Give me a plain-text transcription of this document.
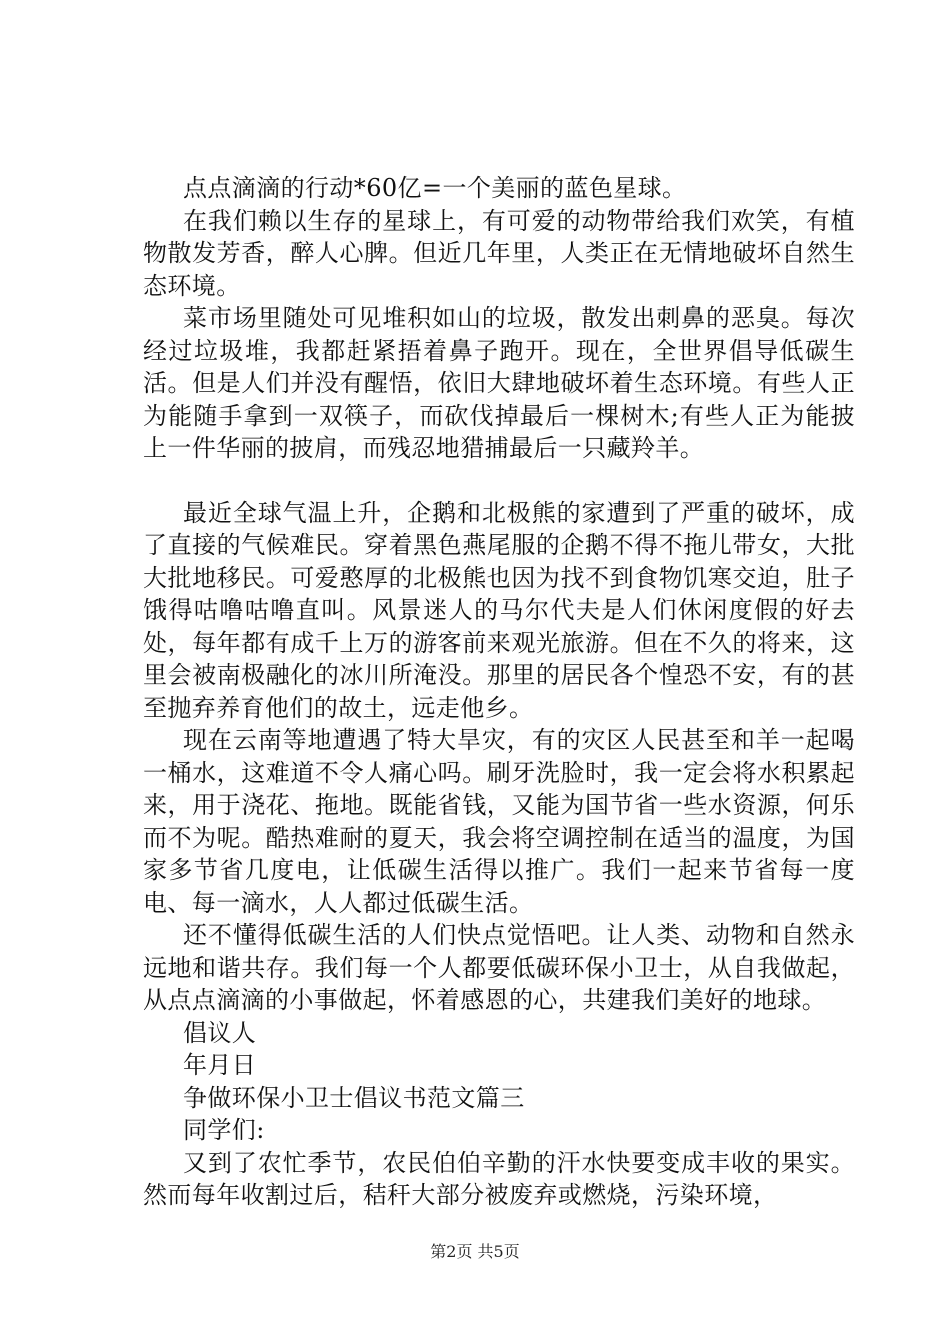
点点滴滴的行动*60亿=一个美丽的蓝色星球。

在我们赖以生存的星球上，有可爱的动物带给我们欢笑，有植物散发芳香，醉人心脾。但近几年里，人类正在无情地破坏自然生态环境。

菜市场里随处可见堆积如山的垃圾，散发出刺鼻的恶臭。每次经过垃圾堆，我都赶紧捂着鼻子跑开。现在，全世界倡导低碳生活。但是人们并没有醒悟，依旧大肆地破坏着生态环境。有些人正为能随手拿到一双筷子，而砍伐掉最后一棵树木;有些人正为能披上一件华丽的披肩，而残忍地猎捕最后一只藏羚羊。

最近全球气温上升，企鹅和北极熊的家遭到了严重的破坏，成了直接的气候难民。穿着黑色燕尾服的企鹅不得不拖儿带女，大批大批地移民。可爱憨厚的北极熊也因为找不到食物饥寒交迫，肚子饿得咕噜咕噜直叫。风景迷人的马尔代夫是人们休闲度假的好去处，每年都有成千上万的游客前来观光旅游。但在不久的将来，这里会被南极融化的冰川所淹没。那里的居民各个惶恐不安，有的甚至抛弃养育他们的故土，远走他乡。

现在云南等地遭遇了特大旱灾，有的灾区人民甚至和羊一起喝一桶水，这难道不令人痛心吗。刷牙洗脸时，我一定会将水积累起来，用于浇花、拖地。既能省钱，又能为国节省一些水资源，何乐而不为呢。酷热难耐的夏天，我会将空调控制在适当的温度，为国家多节省几度电，让低碳生活得以推广。我们一起来节省每一度电、每一滴水，人人都过低碳生活。

还不懂得低碳生活的人们快点觉悟吧。让人类、动物和自然永远地和谐共存。我们每一个人都要低碳环保小卫士，从自我做起，从点点滴滴的小事做起，怀着感恩的心，共建我们美好的地球。

倡议人

年月日

争做环保小卫士倡议书范文篇三

同学们:

又到了农忙季节，农民伯伯辛勤的汗水快要变成丰收的果实。然而每年收割过后，秸秆大部分被废弃或燃烧，污染环境，

第2页 共5页
